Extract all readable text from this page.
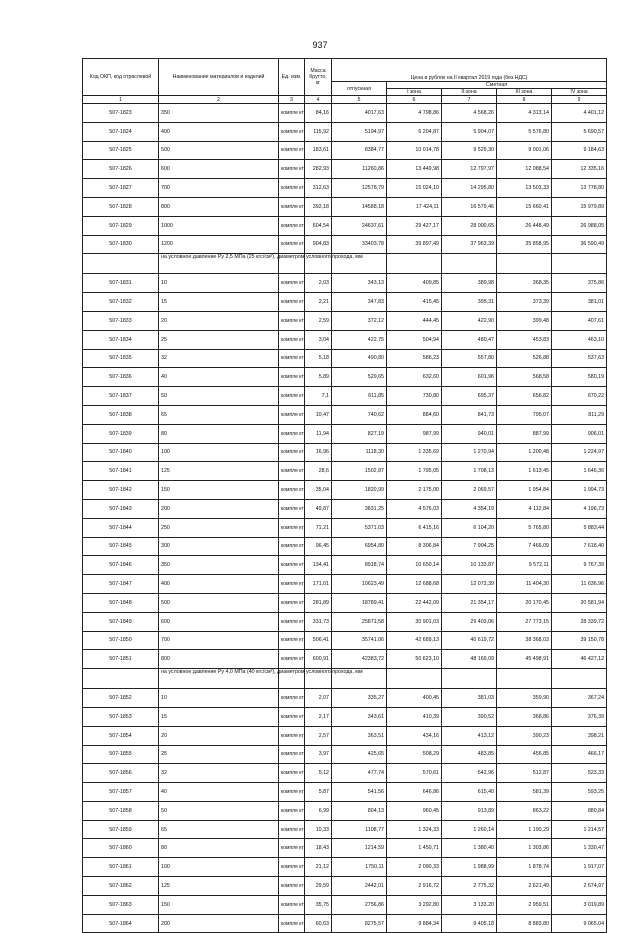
937
Код ОКП, код отраслевой	Наименование материалов и изделий	Ед. изм.	Масса брутто, кг	Цена в рублях на II квартал 2019 года (без НДС)				
				отпускная	Сметная			
					I зона	II зона	III зона	IV зона
1	2	3	4	5	6	7	8	9
507-1823	350	компле кт	84,16	4017,63	4 798,86	4 568,26	4 313,14	4 401,12
507-1824	400	компле кт	115,92	5194,97	6 204,87	5 904,07	5 576,80	5 690,57
507-1825	500	компле кт	183,61	8384,77	10 014,78	9 529,30	9 001,06	9 184,63
507-1826	600	компле кт	282,93	11260,86	13 449,98	12 797,97	12 088,54	12 335,16
507-1827	700	компле кт	312,63	12578,79	15 024,10	14 295,80	13 503,33	13 778,80
507-1828	800	компле кт	392,18	14588,18	17 424,11	16 579,46	15 660,41	15 979,89
507-1829	1000	компле кт	604,54	24637,61	29 427,17	28 000,65	26 448,49	26 988,05
507-1830	1200	компле кт	904,83	33403,78	39 897,49	37 963,39	35 858,95	36 590,49
	на условное давление Ру 2,5 МПа (25 кгс/см²), диаметром условного прохода, мм							
507-1831	10	компле кт	2,03	343,13	409,85	389,98	368,35	375,86
507-1832	15	компле кт	2,21	347,83	415,45	395,31	373,39	381,01
507-1833	20	компле кт	2,59	372,12	444,45	422,90	399,48	407,61
507-1834	25	компле кт	3,04	422,75	504,94	480,47	453,83	463,10
507-1835	32	компле кт	5,18	490,80	586,23	557,80	526,88	537,63
507-1836	40	компле кт	5,89	529,65	632,60	601,96	568,58	580,19
507-1837	50	компле кт	7,1	611,85	730,80	695,37	656,82	670,22
507-1838	65	компле кт	10,47	740,62	884,60	841,73	795,07	811,29
507-1839	80	компле кт	11,94	827,19	987,99	940,01	887,99	906,01
507-1840	100	компле кт	16,96	1118,30	1 335,69	1 270,94	1 200,48	1 224,97
507-1841	125	компле кт	28,6	1502,87	1 795,05	1 708,13	1 613,45	1 646,36
507-1842	150	компле кт	35,04	1820,99	2 175,00	2 069,57	1 954,84	1 994,73
507-1843	200	компле кт	49,87	3831,25	4 576,03	4 354,19	4 112,84	4 196,73
507-1844	250	компле кт	71,21	5371,03	6 415,16	6 104,20	5 765,80	5 883,44
507-1845	300	компле кт	96,45	6954,80	8 306,84	7 904,25	7 466,09	7 618,40
507-1846	350	компле кт	134,41	8918,74	10 650,14	10 133,87	9 572,11	9 767,39
507-1847	400	компле кт	171,01	10623,49	12 688,68	12 073,39	11 404,30	11 636,96
507-1848	500	компле кт	281,89	18789,41	22 442,09	21 354,17	20 170,45	20 581,94
507-1849	600	компле кт	331,73	25871,58	30 901,03	29 403,06	27 773,15	28 339,72
507-1850	700	компле кт	506,41	35741,06	42 689,13	40 619,72	38 368,03	39 150,78
507-1851	800	компле кт	600,91	42383,72	50 623,10	48 169,09	45 498,91	46 427,12
	на условное давление Ру 4,0 МПа (40 кгс/см²), диаметром условного прохода, мм							
507-1852	10	компле кт	2,07	335,27	400,45	381,03	359,90	367,24
507-1853	15	компле кт	2,17	343,61	410,39	390,52	368,86	376,39
507-1854	20	компле кт	2,57	363,51	434,16	413,12	390,23	398,21
507-1855	25	компле кт	3,97	425,65	508,29	483,85	456,85	466,17
507-1856	32	компле кт	5,12	477,74	570,61	542,96	512,87	523,33
507-1857	40	компле кт	5,87	541,56	646,86	615,40	581,39	593,25
507-1858	50	компле кт	6,99	804,13	960,45	913,89	863,22	880,84
507-1859	65	компле кт	10,33	1108,77	1 324,33	1 260,14	1 190,29	1 214,57
507-1860	80	компле кт	18,43	1214,59	1 450,71	1 380,40	1 303,86	1 330,47
507-1861	100	компле кт	21,12	1750,11	2 090,33	1 988,99	1 878,74	1 917,07
507-1862	125	компле кт	29,59	2442,01	2 916,72	2 775,32	2 621,49	2 674,97
507-1863	150	компле кт	35,75	2756,86	3 292,80	3 133,20	2 959,51	3 019,89
507-1864	200	компле кт	60,63	8275,57	9 884,34	9 405,18	8 883,80	9 065,04
